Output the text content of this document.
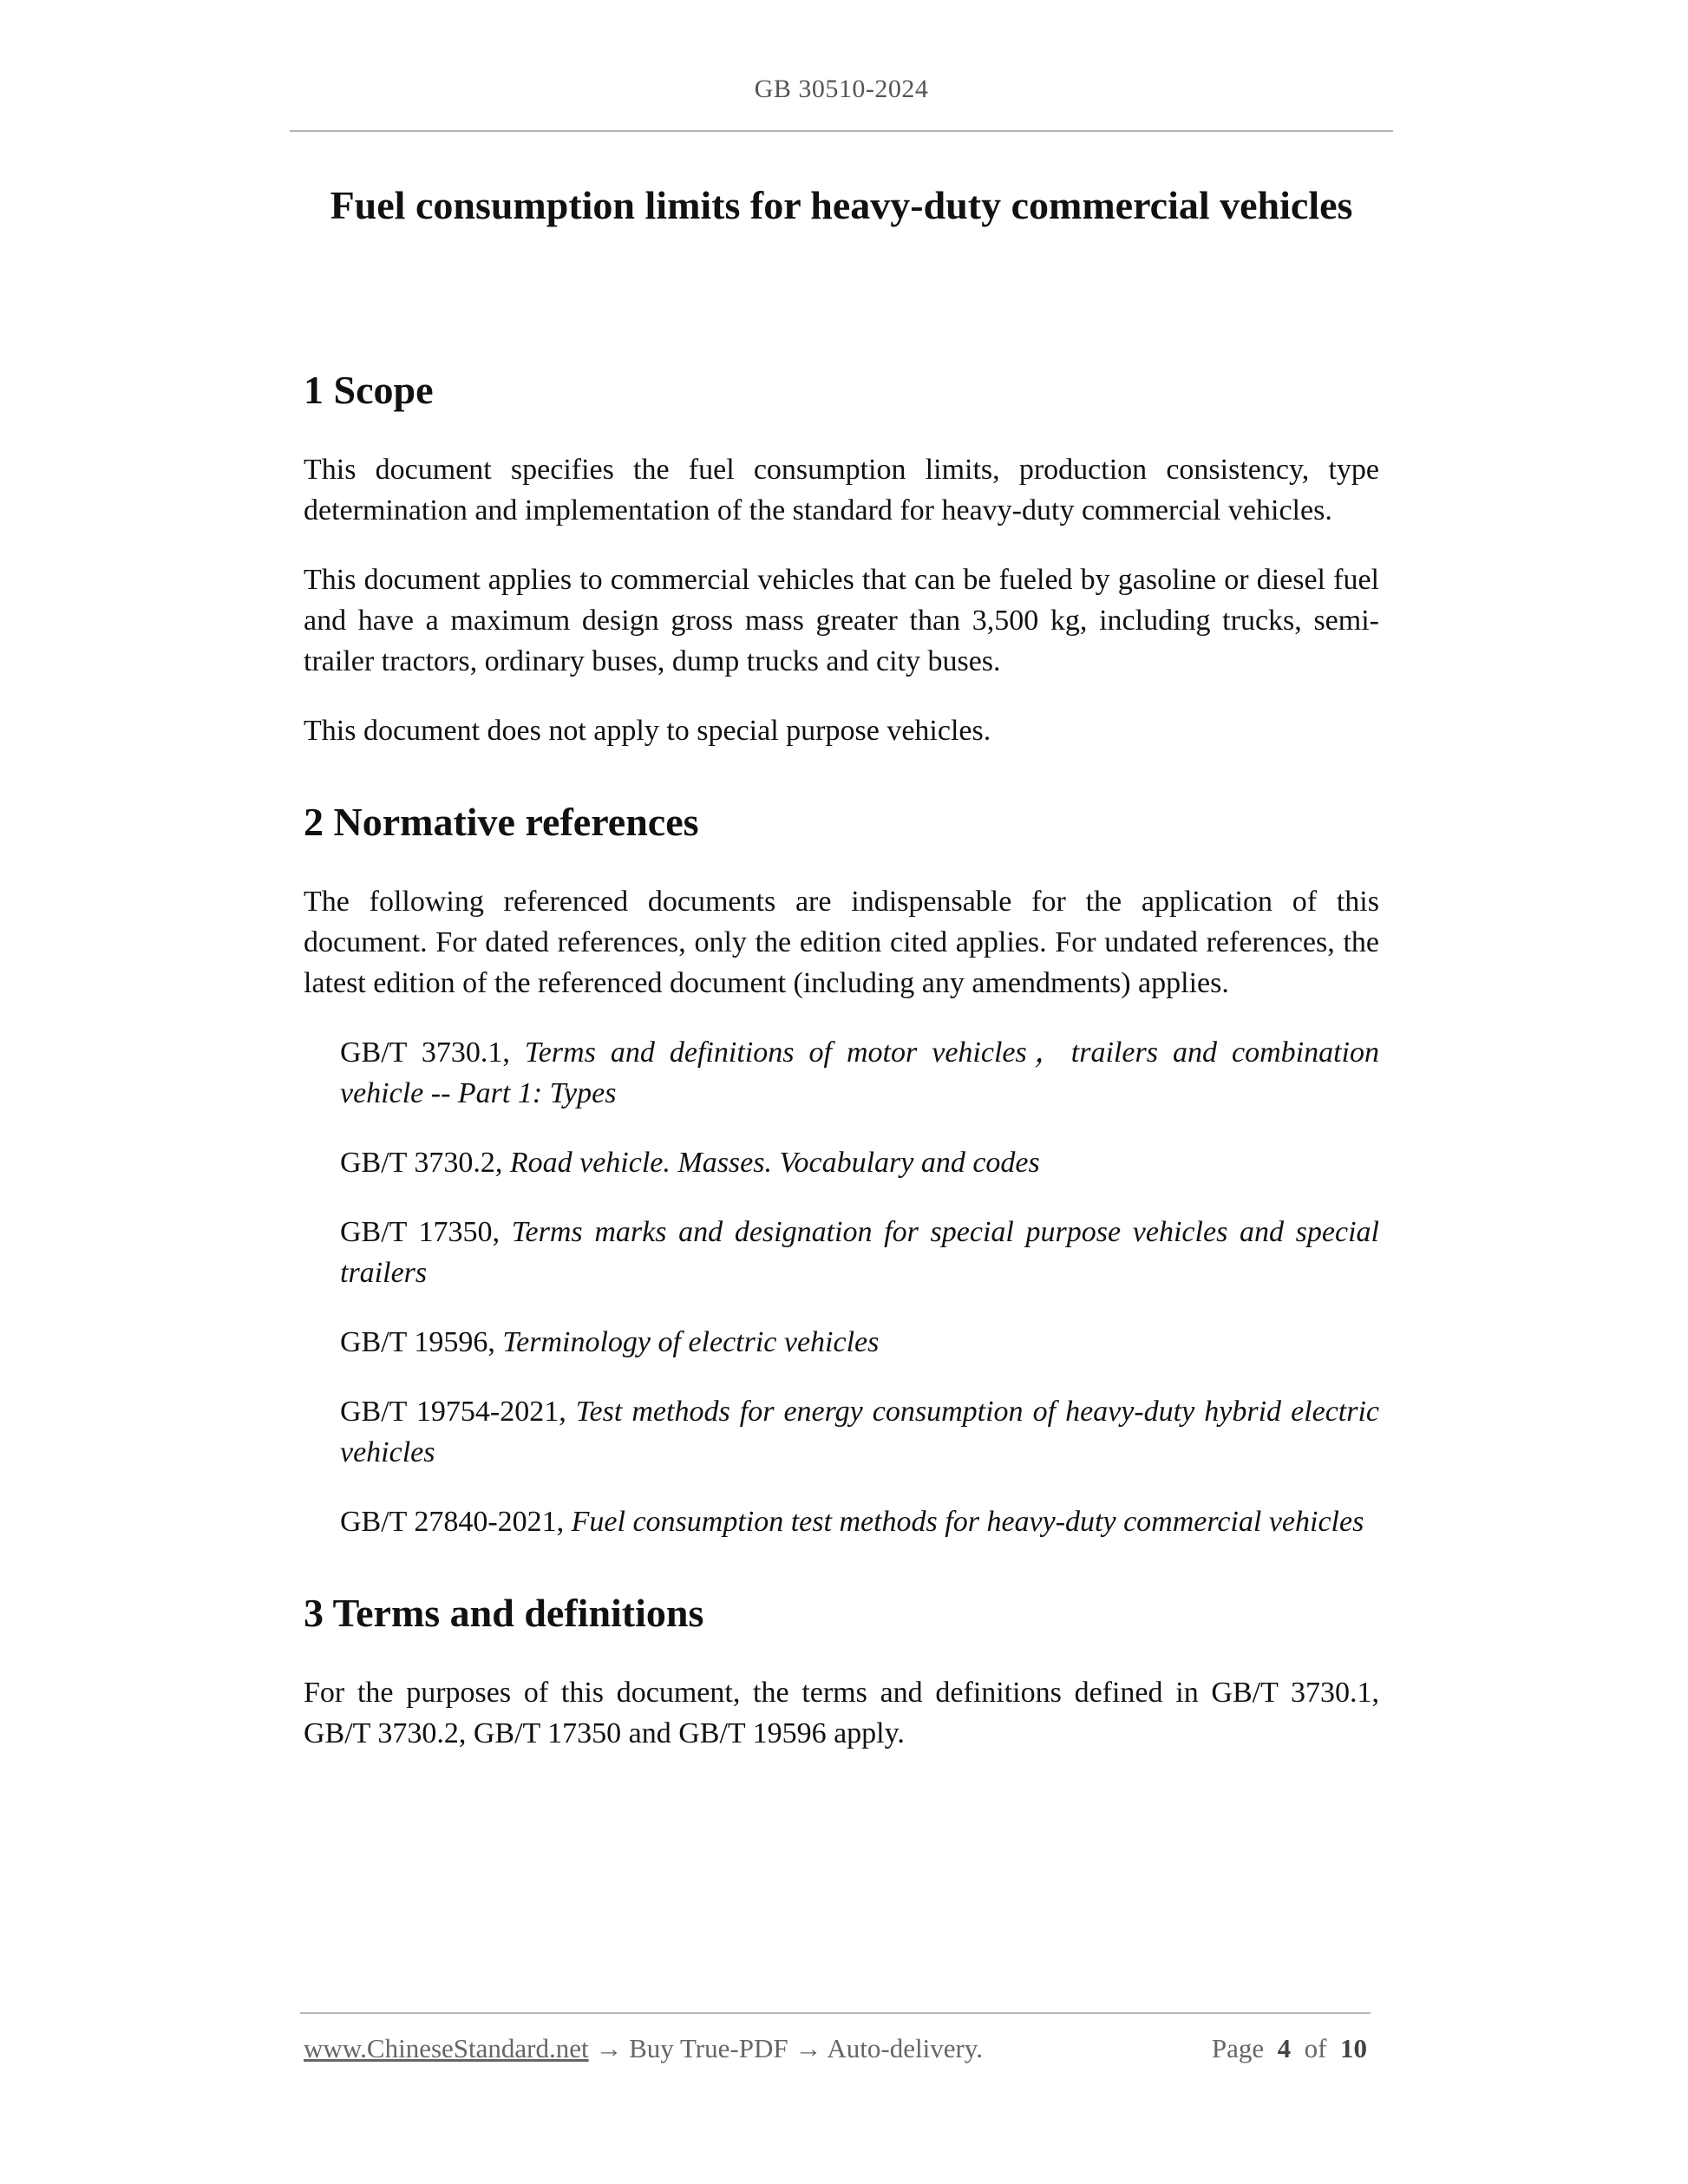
GB 30510-2024
Fuel consumption limits for heavy-duty commercial vehicles
1 Scope

This document specifies the fuel consumption limits, production consistency, type determination and implementation of the standard for heavy-duty commercial vehicles.

This document applies to commercial vehicles that can be fueled by gasoline or diesel fuel and have a maximum design gross mass greater than 3,500 kg, including trucks, semi-trailer tractors, ordinary buses, dump trucks and city buses.

This document does not apply to special purpose vehicles.

2 Normative references

The following referenced documents are indispensable for the application of this document. For dated references, only the edition cited applies. For undated references, the latest edition of the referenced document (including any amendments) applies.

GB/T 3730.1, Terms and definitions of motor vehicles，trailers and combination vehicle -- Part 1: Types

GB/T 3730.2, Road vehicle. Masses. Vocabulary and codes

GB/T 17350, Terms marks and designation for special purpose vehicles and special trailers

GB/T 19596, Terminology of electric vehicles

GB/T 19754-2021, Test methods for energy consumption of heavy-duty hybrid electric vehicles

GB/T 27840-2021, Fuel consumption test methods for heavy-duty commercial vehicles

3 Terms and definitions

For the purposes of this document, the terms and definitions defined in GB/T 3730.1, GB/T 3730.2, GB/T 17350 and GB/T 19596 apply.

www.ChineseStandard.net → Buy True-PDF → Auto-delivery.	Page 4 of 10
